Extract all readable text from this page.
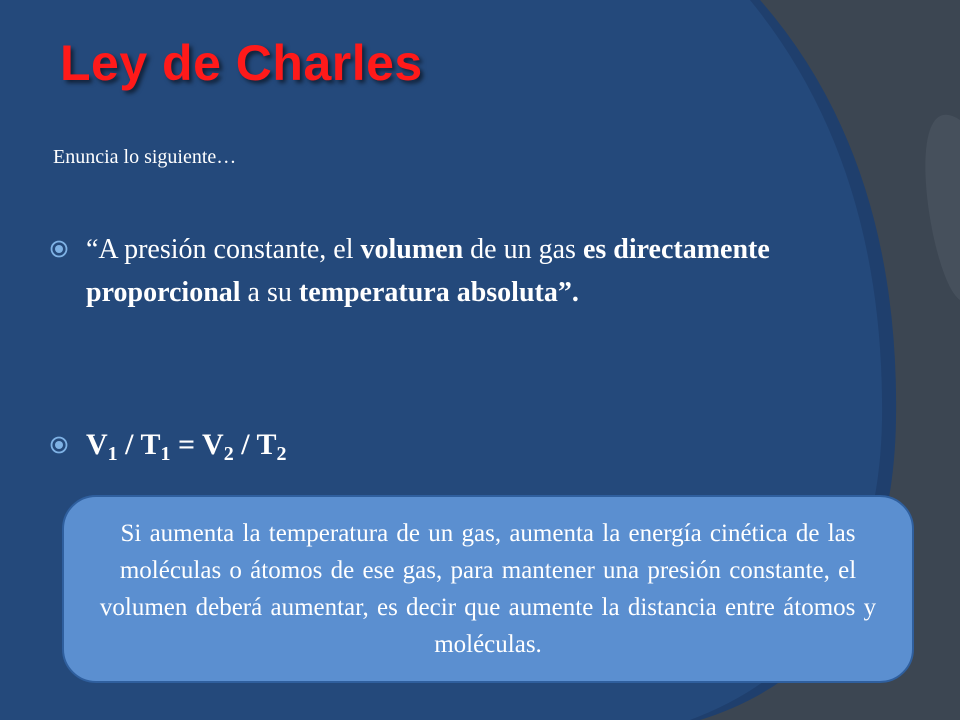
Ley de Charles
Enuncia lo siguiente…
“A presión constante, el volumen de un gas es directamente proporcional a su temperatura absoluta”.
$V_1 / T_1 = V_2 / T_2$

Si aumenta la temperatura de un gas, aumenta la energía cinética de las moléculas o átomos de ese gas, para mantener una presión constante, el volumen deberá aumentar, es decir que aumente la distancia entre átomos y moléculas.
